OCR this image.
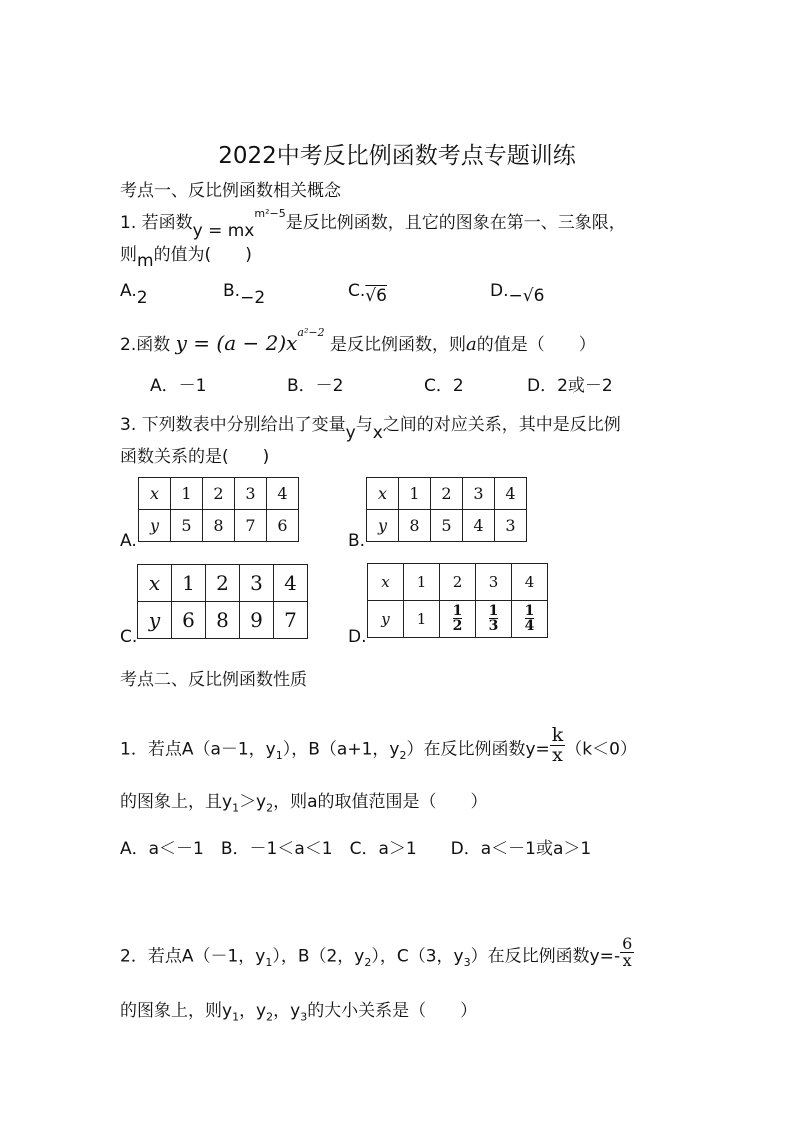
2022中考反比例函数考点专题训练
考点一、反比例函数相关概念
1. 若函数$y = mx^{m^2-5}$是反比例函数，且它的图象在第一、三象限，
则m的值为(　　)
A.2	B.−2	C.√6	D.−√6
2.函数 $y = (a - 2)x^{a^2-2}$ 是反比例函数，则a的值是（　　）
A．－1	B．－2	C．2	D．2或－2
3. 下列数表中分别给出了变量y与x之间的对应关系，其中是反比例
函数关系的是(　　)
A.
x	1	2	3	4
y	5	8	7	6
B.
x	1	2	3	4
y	8	5	4	3
C.
x	1	2	3	4
y	6	8	9	7
D.
x	1	2	3	4
y	1	$\frac{1}{2}$	$\frac{1}{3}$	$\frac{1}{4}$
考点二、反比例函数性质
1．若点A（a－1，$y_1$），B（a+1，$y_2$）在反比例函数$y= \frac{k}{x} (k<0)$
的图象上，且$y_1>y_2$，则a的取值范围是（　　）
A．a＜－1　B．－1＜a＜1　C．a＞1　　D．a＜－1或a＞1
2．若点A（－1，$y_1$），B（2，$y_2$），C（3，$y_3$）在反比例函数$y=- \frac{6}{x}$
的图象上，则$y_1$，$y_2$，$y_3$的大小关系是（　　）
